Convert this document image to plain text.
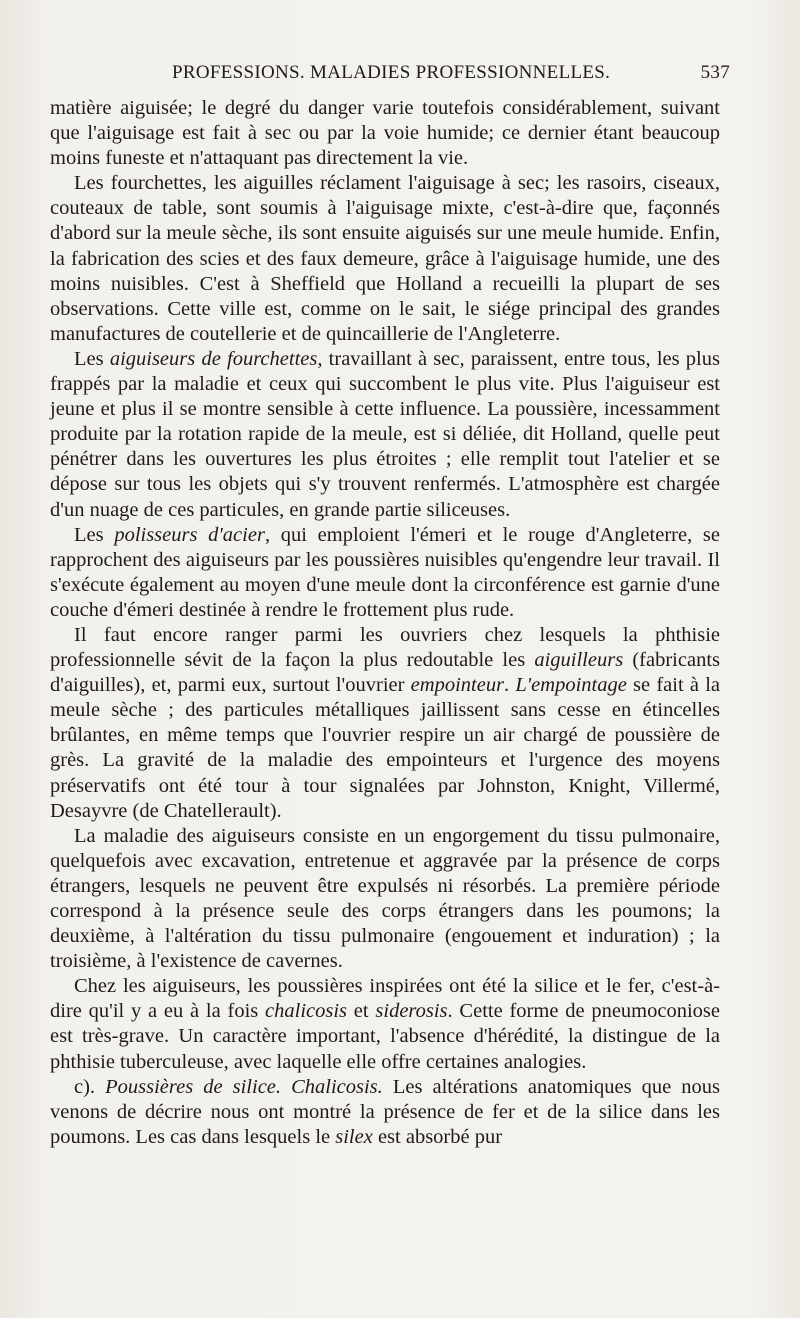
PROFESSIONS. MALADIES PROFESSIONNELLES.	537

matière aiguisée; le degré du danger varie toutefois considérablement, suivant que l'aiguisage est fait à sec ou par la voie humide; ce dernier étant beaucoup moins funeste et n'attaquant pas directement la vie.

Les fourchettes, les aiguilles réclament l'aiguisage à sec; les rasoirs, ciseaux, couteaux de table, sont soumis à l'aiguisage mixte, c'est-à-dire que, façonnés d'abord sur la meule sèche, ils sont ensuite aiguisés sur une meule humide. Enfin, la fabrication des scies et des faux demeure, grâce à l'aiguisage humide, une des moins nuisibles. C'est à Sheffield que Holland a recueilli la plupart de ses observations. Cette ville est, comme on le sait, le siége principal des grandes manufactures de coutellerie et de quincaillerie de l'Angleterre.

Les aiguiseurs de fourchettes, travaillant à sec, paraissent, entre tous, les plus frappés par la maladie et ceux qui succombent le plus vite. Plus l'aiguiseur est jeune et plus il se montre sensible à cette influence. La poussière, incessamment produite par la rotation rapide de la meule, est si déliée, dit Holland, quelle peut pénétrer dans les ouvertures les plus étroites ; elle remplit tout l'atelier et se dépose sur tous les objets qui s'y trouvent renfermés. L'atmosphère est chargée d'un nuage de ces particules, en grande partie siliceuses.

Les polisseurs d'acier, qui emploient l'émeri et le rouge d'Angleterre, se rapprochent des aiguiseurs par les poussières nuisibles qu'engendre leur travail. Il s'exécute également au moyen d'une meule dont la circonférence est garnie d'une couche d'émeri destinée à rendre le frottement plus rude.

Il faut encore ranger parmi les ouvriers chez lesquels la phthisie professionnelle sévit de la façon la plus redoutable les aiguilleurs (fabricants d'aiguilles), et, parmi eux, surtout l'ouvrier empointeur. L'empointage se fait à la meule sèche ; des particules métalliques jaillissent sans cesse en étincelles brûlantes, en même temps que l'ouvrier respire un air chargé de poussière de grès. La gravité de la maladie des empointeurs et l'urgence des moyens préservatifs ont été tour à tour signalées par Johnston, Knight, Villermé, Desayvre (de Chatellerault).

La maladie des aiguiseurs consiste en un engorgement du tissu pulmonaire, quelquefois avec excavation, entretenue et aggravée par la présence de corps étrangers, lesquels ne peuvent être expulsés ni résorbés. La première période correspond à la présence seule des corps étrangers dans les poumons; la deuxième, à l'altération du tissu pulmonaire (engouement et induration) ; la troisième, à l'existence de cavernes.

Chez les aiguiseurs, les poussières inspirées ont été la silice et le fer, c'est-à-dire qu'il y a eu à la fois chalicosis et siderosis. Cette forme de pneumoconiose est très-grave. Un caractère important, l'absence d'hérédité, la distingue de la phthisie tuberculeuse, avec laquelle elle offre certaines analogies.

c). Poussières de silice. Chalicosis. Les altérations anatomiques que nous venons de décrire nous ont montré la présence de fer et de la silice dans les poumons. Les cas dans lesquels le silex est absorbé pur
